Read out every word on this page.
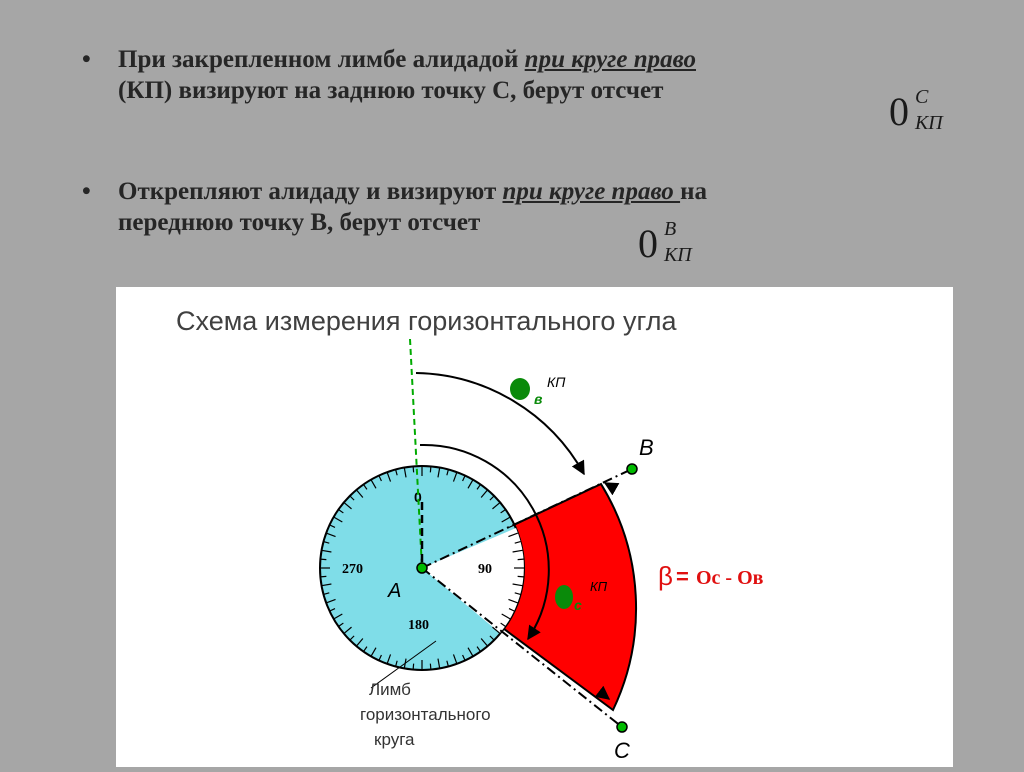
• При закрепленном лимбе алидадой при круге право
(КП) визируют на заднюю точку С, берут отсчет	0 C
КП
• Открепляют алидаду и визируют при круге право на
переднюю точку В, берут отсчет	0 B
КП
Схема измерения горизонтального угла
0
90
180
270
A
B
C
в
КП
с
КП β = Oc - Oв
Лимб
горизонтального
круга
